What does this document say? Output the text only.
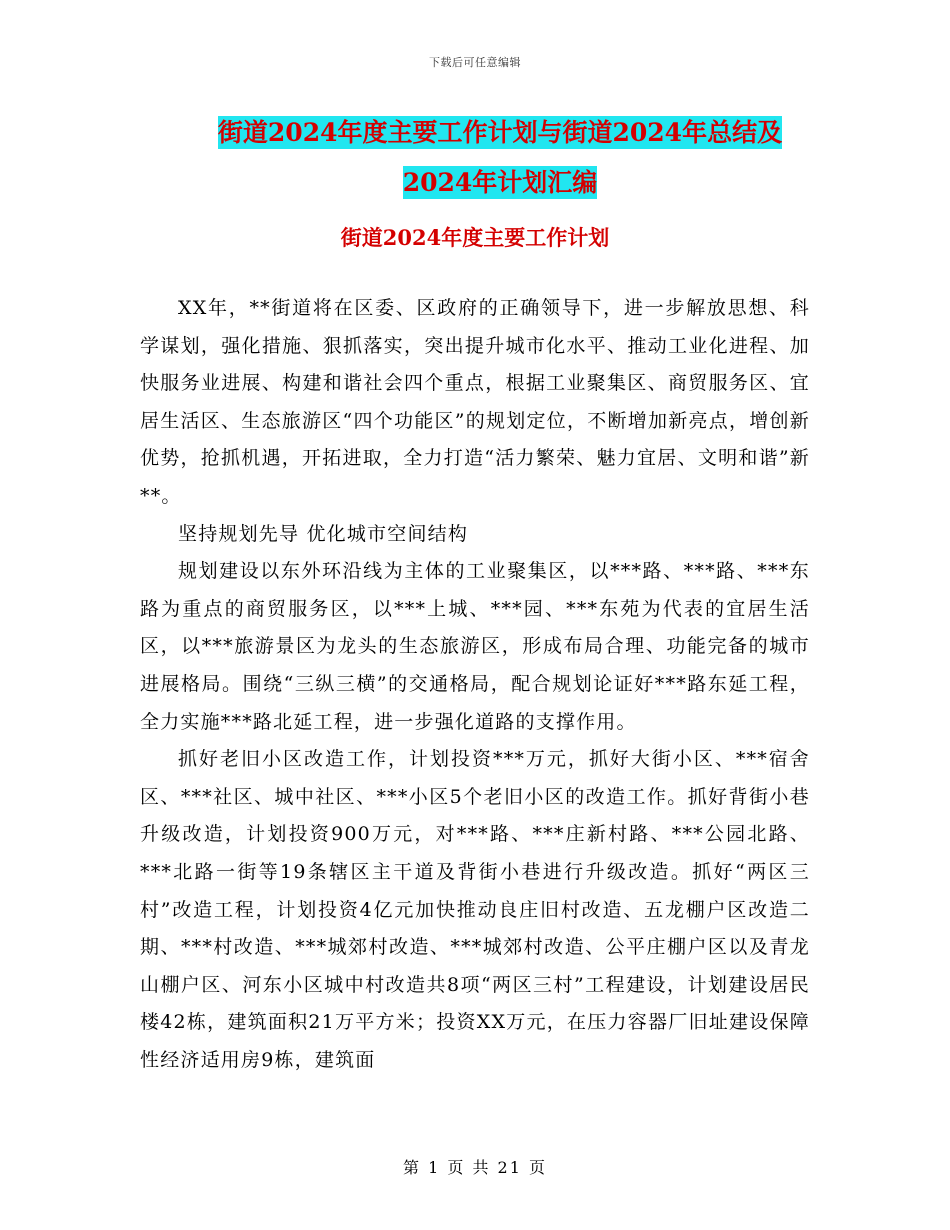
下载后可任意编辑
街道2024年度主要工作计划与街道2024年总结及
2024年计划汇编
街道2024年度主要工作计划

XX年，**街道将在区委、区政府的正确领导下，进一步解放思想、科学谋划，强化措施、狠抓落实，突出提升城市化水平、推动工业化进程、加快服务业进展、构建和谐社会四个重点，根据工业聚集区、商贸服务区、宜居生活区、生态旅游区“四个功能区”的规划定位，不断增加新亮点，增创新优势，抢抓机遇，开拓进取，全力打造“活力繁荣、魅力宜居、文明和谐”新**。

坚持规划先导 优化城市空间结构

规划建设以东外环沿线为主体的工业聚集区，以***路、***路、***东路为重点的商贸服务区，以***上城、***园、***东苑为代表的宜居生活区，以***旅游景区为龙头的生态旅游区，形成布局合理、功能完备的城市进展格局。围绕“三纵三横”的交通格局，配合规划论证好***路东延工程，全力实施***路北延工程，进一步强化道路的支撑作用。

抓好老旧小区改造工作，计划投资***万元，抓好大街小区、***宿舍区、***社区、城中社区、***小区5个老旧小区的改造工作。抓好背街小巷升级改造，计划投资900万元，对***路、***庄新村路、***公园北路、***北路一街等19条辖区主干道及背街小巷进行升级改造。抓好“两区三村”改造工程，计划投资4亿元加快推动良庄旧村改造、五龙棚户区改造二期、***村改造、***城郊村改造、***城郊村改造、公平庄棚户区以及青龙山棚户区、河东小区城中村改造共8项“两区三村”工程建设，计划建设居民楼42栋，建筑面积21万平方米；投资XX万元，在压力容器厂旧址建设保障性经济适用房9栋，建筑面

第 1 页 共 21 页
